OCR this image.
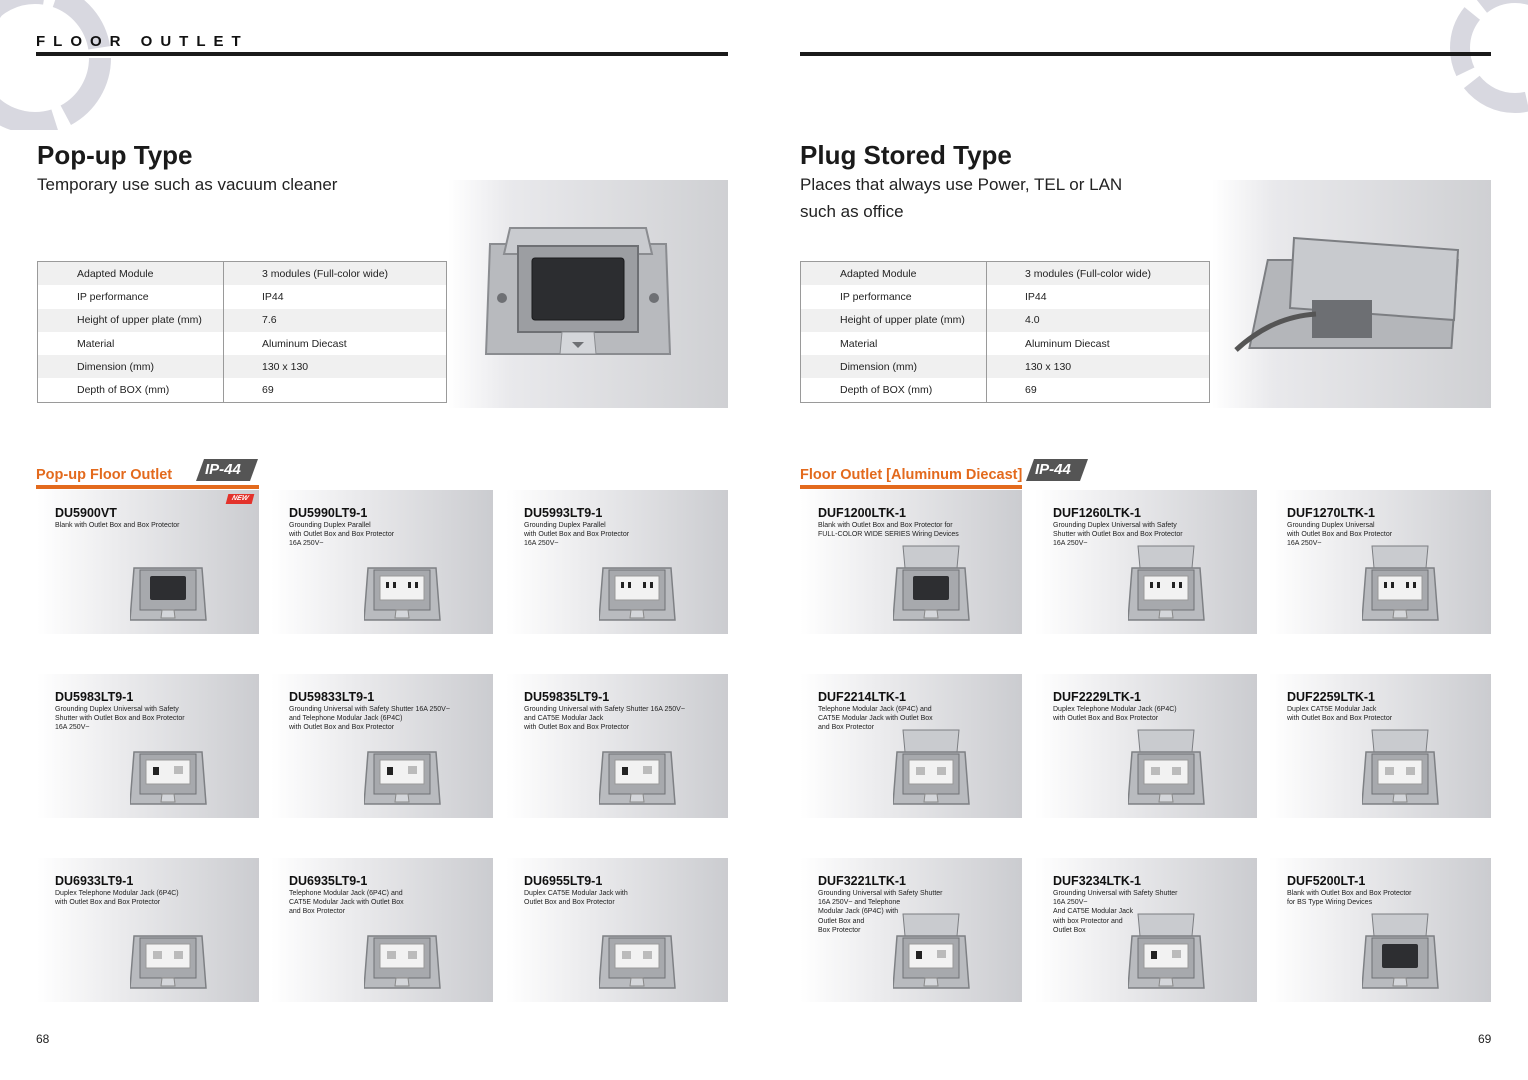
FLOOR OUTLET
Pop-up Type
Temporary use such as vacuum cleaner
Adapted Module	3 modules (Full-color wide)
IP performance	IP44
Height of upper plate (mm)	7.6
Material	Aluminum Diecast
Dimension (mm)	130 x 130
Depth of BOX (mm)	69
Pop-up Floor Outlet IP-44
DU5900VT
Blank with Outlet Box and Box Protector
NEW
DU5990LT9-1
Grounding Duplex Parallel
with Outlet Box and Box Protector
16A 250V~
DU5993LT9-1
Grounding Duplex Parallel
with Outlet Box and Box Protector
16A 250V~
DU5983LT9-1
Grounding Duplex Universal with Safety
Shutter with Outlet Box and Box Protector
16A 250V~
DU59833LT9-1
Grounding Universal with Safety Shutter 16A 250V~
and Telephone Modular Jack (6P4C)
with Outlet Box and Box Protector
DU59835LT9-1
Grounding Universal with Safety Shutter 16A 250V~
and CAT5E Modular Jack
with Outlet Box and Box Protector
DU6933LT9-1
Duplex Telephone Modular Jack (6P4C)
with Outlet Box and Box Protector
DU6935LT9-1
Telephone Modular Jack (6P4C) and
CAT5E Modular Jack with Outlet Box
and Box Protector
DU6955LT9-1
Duplex CAT5E Modular Jack with
Outlet Box and Box Protector
68
Plug Stored Type
Places that always use Power, TEL or LAN such as office
Adapted Module	3 modules (Full-color wide)
IP performance	IP44
Height of upper plate (mm)	4.0
Material	Aluminum Diecast
Dimension (mm)	130 x 130
Depth of BOX (mm)	69
Floor Outlet [Aluminum Diecast] IP-44
DUF1200LTK-1
Blank with Outlet Box and Box Protector for
FULL-COLOR WIDE SERIES Wiring Devices
DUF1260LTK-1
Grounding Duplex Universal with Safety
Shutter with Outlet Box and Box Protector
16A 250V~
DUF1270LTK-1
Grounding Duplex Universal
with Outlet Box and Box Protector
16A 250V~
DUF2214LTK-1
Telephone Modular Jack (6P4C) and
CAT5E Modular Jack with Outlet Box
and Box Protector
DUF2229LTK-1
Duplex Telephone Modular Jack (6P4C)
with Outlet Box and Box Protector
DUF2259LTK-1
Duplex CAT5E Modular Jack
with Outlet Box and Box Protector
DUF3221LTK-1
Grounding Universal with Safety Shutter
16A 250V~ and Telephone
Modular Jack (6P4C) with
Outlet Box and
Box Protector
DUF3234LTK-1
Grounding Universal with Safety Shutter
16A 250V~
And CAT5E Modular Jack
with box Protector and
Outlet Box
DUF5200LT-1
Blank with Outlet Box and Box Protector
for BS Type Wiring Devices
69
